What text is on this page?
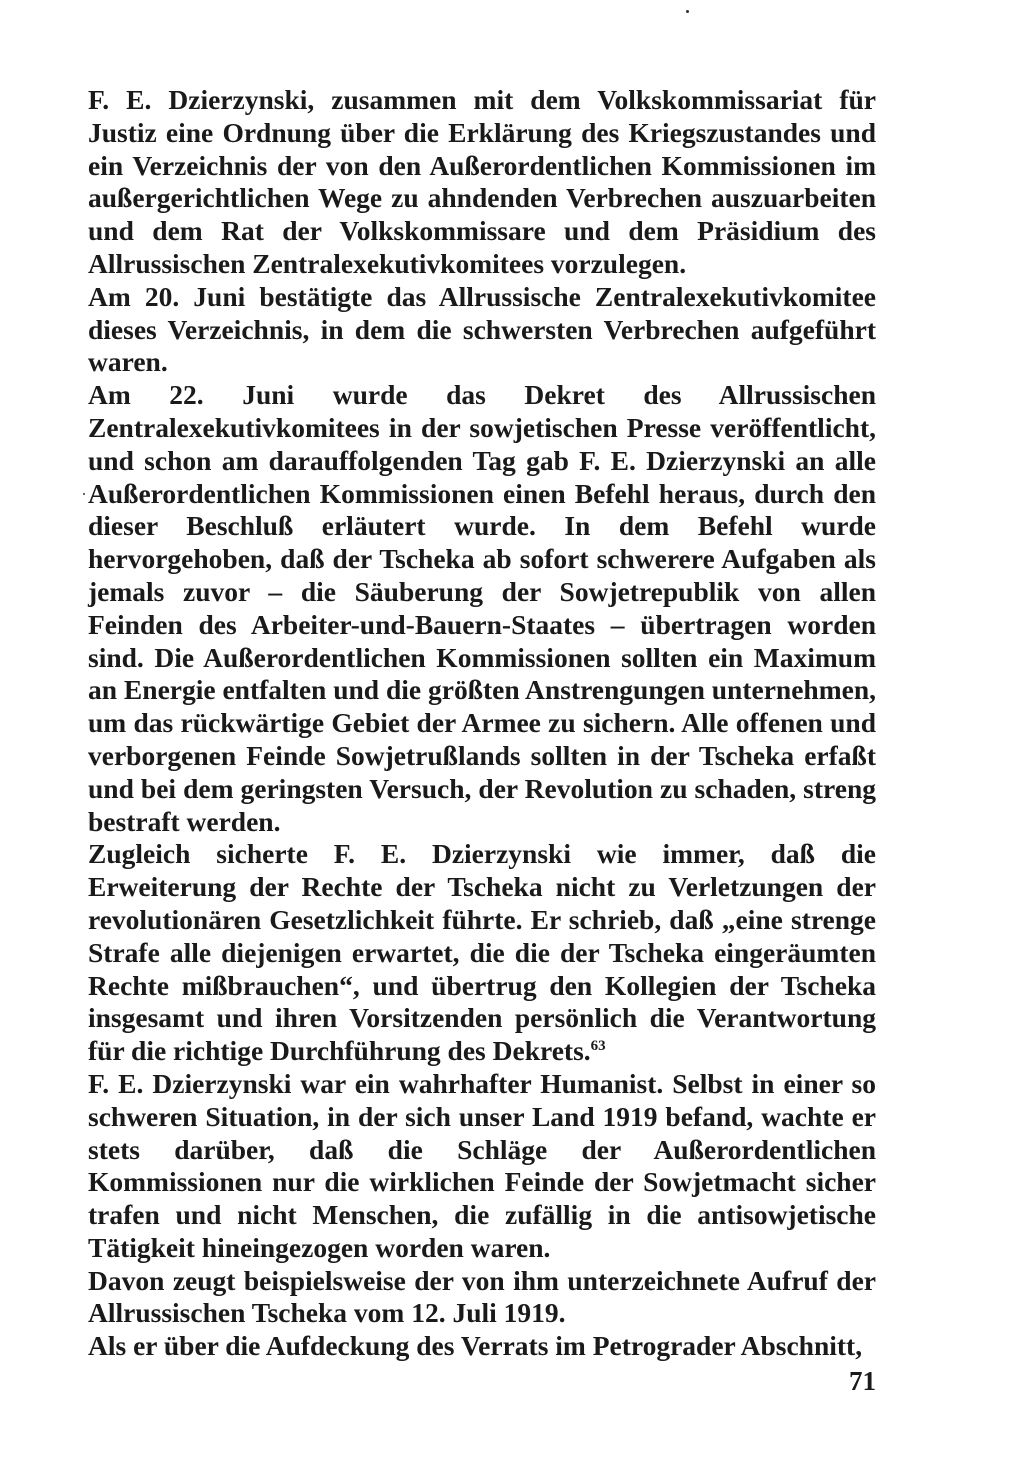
F. E. Dzierzynski, zusammen mit dem Volkskommissariat für Justiz eine Ordnung über die Erklärung des Kriegszustandes und ein Verzeichnis der von den Außerordentlichen Kommissionen im außergerichtlichen Wege zu ahndenden Verbrechen auszuarbeiten und dem Rat der Volkskommissare und dem Präsidium des Allrussischen Zentralexekutivkomitees vorzulegen.

Am 20. Juni bestätigte das Allrussische Zentralexekutivkomitee dieses Verzeichnis, in dem die schwersten Verbrechen aufgeführt waren.

Am 22. Juni wurde das Dekret des Allrussischen Zentralexekutivkomitees in der sowjetischen Presse veröffentlicht, und schon am darauffolgenden Tag gab F. E. Dzierzynski an alle Außerordentlichen Kommissionen einen Befehl heraus, durch den dieser Beschluß erläutert wurde. In dem Befehl wurde hervorgehoben, daß der Tscheka ab sofort schwerere Aufgaben als jemals zuvor – die Säuberung der Sowjetrepublik von allen Feinden des Arbeiter-und-Bauern-Staates – übertragen worden sind. Die Außerordentlichen Kommissionen sollten ein Maximum an Energie entfalten und die größten Anstrengungen unternehmen, um das rückwärtige Gebiet der Armee zu sichern. Alle offenen und verborgenen Feinde Sowjetrußlands sollten in der Tscheka erfaßt und bei dem geringsten Versuch, der Revolution zu schaden, streng bestraft werden.

Zugleich sicherte F. E. Dzierzynski wie immer, daß die Erweiterung der Rechte der Tscheka nicht zu Verletzungen der revolutionären Gesetzlichkeit führte. Er schrieb, daß „eine strenge Strafe alle diejenigen erwartet, die die der Tscheka eingeräumten Rechte mißbrauchen“, und übertrug den Kollegien der Tscheka insgesamt und ihren Vorsitzenden persönlich die Verantwortung für die richtige Durchführung des Dekrets.$^{63}$

F. E. Dzierzynski war ein wahrhafter Humanist. Selbst in einer so schweren Situation, in der sich unser Land 1919 befand, wachte er stets darüber, daß die Schläge der Außerordentlichen Kommissionen nur die wirklichen Feinde der Sowjetmacht sicher trafen und nicht Menschen, die zufällig in die antisowjetische Tätigkeit hineingezogen worden waren.

Davon zeugt beispielsweise der von ihm unterzeichnete Aufruf der Allrussischen Tscheka vom 12. Juli 1919.

Als er über die Aufdeckung des Verrats im Petrograder Abschnitt,

71
